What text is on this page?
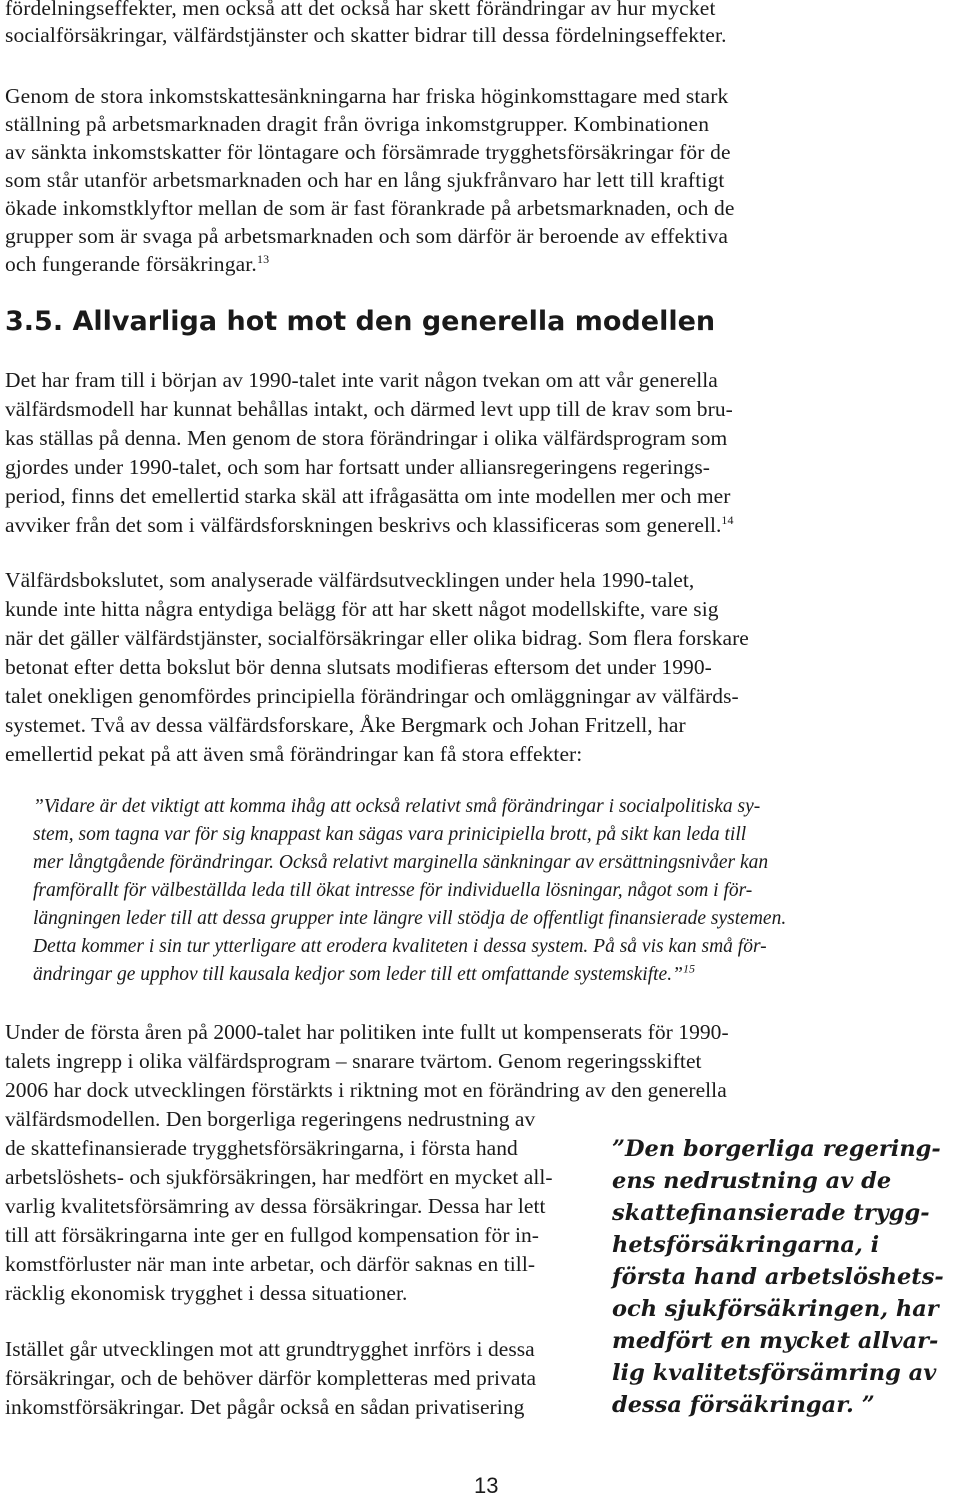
fördelningseffekter, men också att det också har skett förändringar av hur mycket
socialförsäkringar, välfärdstjänster och skatter bidrar till dessa fördelningseffekter.
Genom de stora inkomstskattesänkningarna har friska höginkomsttagare med stark
ställning på arbetsmarknaden dragit från övriga inkomstgrupper. Kombinationen
av sänkta inkomstskatter för löntagare och försämrade trygghetsförsäkringar för de
som står utanför arbetsmarknaden och har en lång sjukfrånvaro har lett till kraftigt
ökade inkomstklyftor mellan de som är fast förankrade på arbetsmarknaden, och de
grupper som är svaga på arbetsmarknaden och som därför är beroende av effektiva
och fungerande försäkringar.$^{13}$
3.5. Allvarliga hot mot den generella modellen
Det har fram till i början av 1990-talet inte varit någon tvekan om att vår generella
välfärdsmodell har kunnat behållas intakt, och därmed levt upp till de krav som bru-
kas ställas på denna. Men genom de stora förändringar i olika välfärdsprogram som
gjordes under 1990-talet, och som har fortsatt under alliansregeringens regerings-
period, finns det emellertid starka skäl att ifrågasätta om inte modellen mer och mer
avviker från det som i välfärdsforskningen beskrivs och klassificeras som generell.$^{14}$
Välfärdsbokslutet, som analyserade välfärdsutvecklingen under hela 1990-talet,
kunde inte hitta några entydiga belägg för att har skett något modellskifte, vare sig
när det gäller välfärdstjänster, socialförsäkringar eller olika bidrag. Som flera forskare
betonat efter detta bokslut bör denna slutsats modifieras eftersom det under 1990-
talet onekligen genomfördes principiella förändringar och omläggningar av välfärds-
systemet. Två av dessa välfärdsforskare, Åke Bergmark och Johan Fritzell, har
emellertid pekat på att även små förändringar kan få stora effekter:
”Vidare är det viktigt att komma ihåg att också relativt små förändringar i socialpolitiska sy-
stem, som tagna var för sig knappast kan sägas vara prinicipiella brott, på sikt kan leda till
mer långtgående förändringar. Också relativt marginella sänkningar av ersättningsnivåer kan
framförallt för välbeställda leda till ökat intresse för individuella lösningar, något som i för-
längningen leder till att dessa grupper inte längre vill stödja de offentligt finansierade systemen.
Detta kommer i sin tur ytterligare att erodera kvaliteten i dessa system. På så vis kan små för-
ändringar ge upphov till kausala kedjor som leder till ett omfattande systemskifte.”$^{15}$
Under de första åren på 2000-talet har politiken inte fullt ut kompenserats för 1990-
talets ingrepp i olika välfärdsprogram – snarare tvärtom. Genom regeringsskiftet
2006 har dock utvecklingen förstärkts i riktning mot en förändring av den generella
välfärdsmodellen. Den borgerliga regeringens nedrustning av
de skattefinansierade trygghetsförsäkringarna, i första hand
arbetslöshets- och sjukförsäkringen, har medfört en mycket all-
varlig kvalitetsförsämring av dessa försäkringar. Dessa har lett
till att försäkringarna inte ger en fullgod kompensation för in-
komstförluster när man inte arbetar, och därför saknas en till-
räcklig ekonomisk trygghet i dessa situationer.
Istället går utvecklingen mot att grundtrygghet inrförs i dessa
försäkringar, och de behöver därför kompletteras med privata
inkomstförsäkringar. Det pågår också en sådan privatisering
”Den borgerliga regering-
ens nedrustning av de
skattefinansierade trygg-
hetsförsäkringarna, i
första hand arbetslöshets-
och sjukförsäkringen, har
medfört en mycket allvar-
lig kvalitetsförsämring av
dessa försäkringar. ”
13
